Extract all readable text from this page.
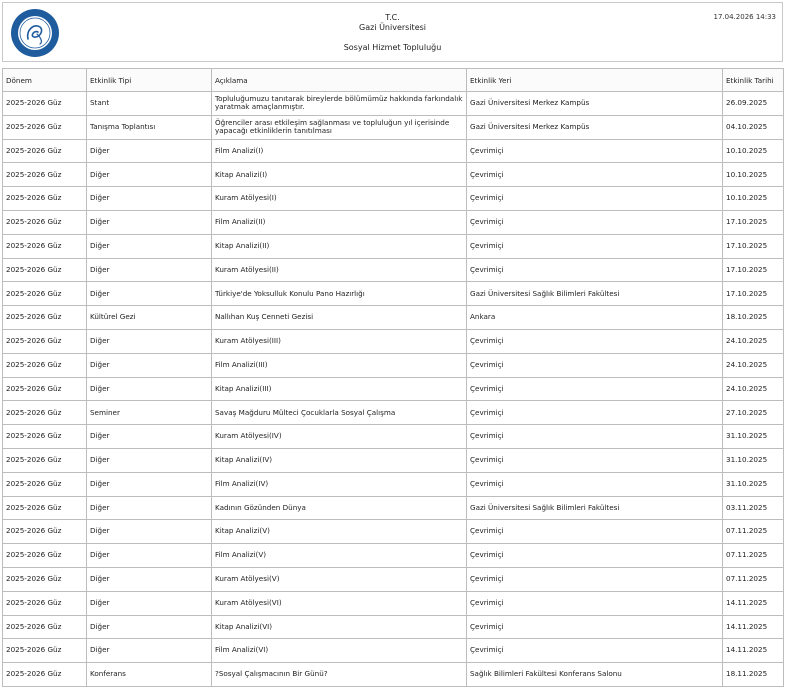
T.C.
Gazi Üniversitesi
Sosyal Hizmet Topluluğu
17.04.2026 14:33
Dönem	Etkinlik Tipi	Açıklama	Etkinlik Yeri	Etkinlik Tarihi
2025-2026 Güz	Stant	Topluluğumuzu tanıtarak bireylerde bölümümüz hakkında farkındalık yaratmak amaçlanmıştır.	Gazi Üniversitesi Merkez Kampüs	26.09.2025
2025-2026 Güz	Tanışma Toplantısı	Öğrenciler arası etkileşim sağlanması ve topluluğun yıl içerisinde yapacağı etkinliklerin tanıtılması	Gazi Üniversitesi Merkez Kampüs	04.10.2025
2025-2026 Güz	Diğer	Film Analizi(I)	Çevrimiçi	10.10.2025
2025-2026 Güz	Diğer	Kitap Analizi(I)	Çevrimiçi	10.10.2025
2025-2026 Güz	Diğer	Kuram Atölyesi(I)	Çevrimiçi	10.10.2025
2025-2026 Güz	Diğer	Film Analizi(II)	Çevrimiçi	17.10.2025
2025-2026 Güz	Diğer	Kitap Analizi(II)	Çevrimiçi	17.10.2025
2025-2026 Güz	Diğer	Kuram Atölyesi(II)	Çevrimiçi	17.10.2025
2025-2026 Güz	Diğer	Türkiye'de Yoksulluk Konulu Pano Hazırlığı	Gazi Üniversitesi Sağlık Bilimleri Fakültesi	17.10.2025
2025-2026 Güz	Kültürel Gezi	Nallıhan Kuş Cenneti Gezisi	Ankara	18.10.2025
2025-2026 Güz	Diğer	Kuram Atölyesi(III)	Çevrimiçi	24.10.2025
2025-2026 Güz	Diğer	Film Analizi(III)	Çevrimiçi	24.10.2025
2025-2026 Güz	Diğer	Kitap Analizi(III)	Çevrimiçi	24.10.2025
2025-2026 Güz	Seminer	Savaş Mağduru Mülteci Çocuklarla Sosyal Çalışma	Çevrimiçi	27.10.2025
2025-2026 Güz	Diğer	Kuram Atölyesi(IV)	Çevrimiçi	31.10.2025
2025-2026 Güz	Diğer	Kitap Analizi(IV)	Çevrimiçi	31.10.2025
2025-2026 Güz	Diğer	Film Analizi(IV)	Çevrimiçi	31.10.2025
2025-2026 Güz	Diğer	Kadının Gözünden Dünya	Gazi Üniversitesi Sağlık Bilimleri Fakültesi	03.11.2025
2025-2026 Güz	Diğer	Kitap Analizi(V)	Çevrimiçi	07.11.2025
2025-2026 Güz	Diğer	Film Analizi(V)	Çevrimiçi	07.11.2025
2025-2026 Güz	Diğer	Kuram Atölyesi(V)	Çevrimiçi	07.11.2025
2025-2026 Güz	Diğer	Kuram Atölyesi(VI)	Çevrimiçi	14.11.2025
2025-2026 Güz	Diğer	Kitap Analizi(VI)	Çevrimiçi	14.11.2025
2025-2026 Güz	Diğer	Film Analizi(VI)	Çevrimiçi	14.11.2025
2025-2026 Güz	Konferans	?Sosyal Çalışmacının Bir Günü?	Sağlık Bilimleri Fakültesi Konferans Salonu	18.11.2025
